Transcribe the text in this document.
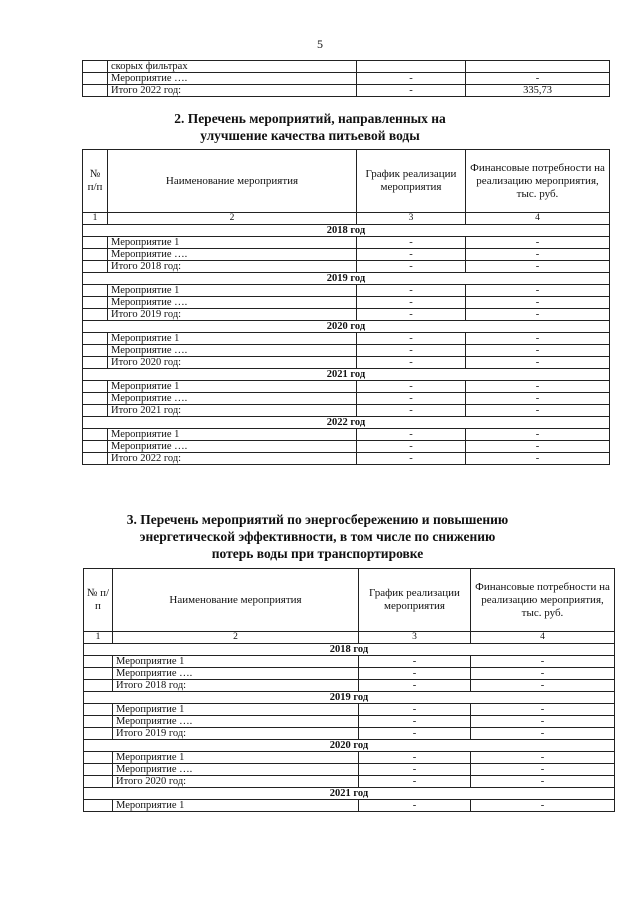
5
	скорых фильтрах		
	Мероприятие ….	-	-
	Итого 2022 год:	-	335,73
2. Перечень мероприятий, направленных на улучшение качества питьевой воды
№ п/п	Наименование мероприятия	График реализации мероприятия	Финансовые потребности на реализацию мероприятия, тыс. руб.
1	2	3	4
2018 год			
	Мероприятие 1	-	-
	Мероприятие ….	-	-
	Итого 2018 год:	-	-
2019 год			
	Мероприятие 1	-	-
	Мероприятие ….	-	-
	Итого 2019 год:	-	-
2020 год			
	Мероприятие 1	-	-
	Мероприятие ….	-	-
	Итого 2020 год:	-	-
2021 год			
	Мероприятие 1	-	-
	Мероприятие ….	-	-
	Итого 2021 год:	-	-
2022 год			
	Мероприятие 1	-	-
	Мероприятие ….	-	-
	Итого 2022 год:	-	-
3. Перечень мероприятий по энергосбережению и повышению энергетической эффективности, в том числе по снижению потерь воды при транспортировке
№ п/п	Наименование мероприятия	График реализации мероприятия	Финансовые потребности на реализацию мероприятия, тыс. руб.
1	2	3	4
2018 год			
	Мероприятие 1	-	-
	Мероприятие ….	-	-
	Итого 2018 год:	-	-
2019 год			
	Мероприятие 1	-	-
	Мероприятие ….	-	-
	Итого 2019 год:	-	-
2020 год			
	Мероприятие 1	-	-
	Мероприятие ….	-	-
	Итого 2020 год:	-	-
2021 год			
	Мероприятие 1	-	-
